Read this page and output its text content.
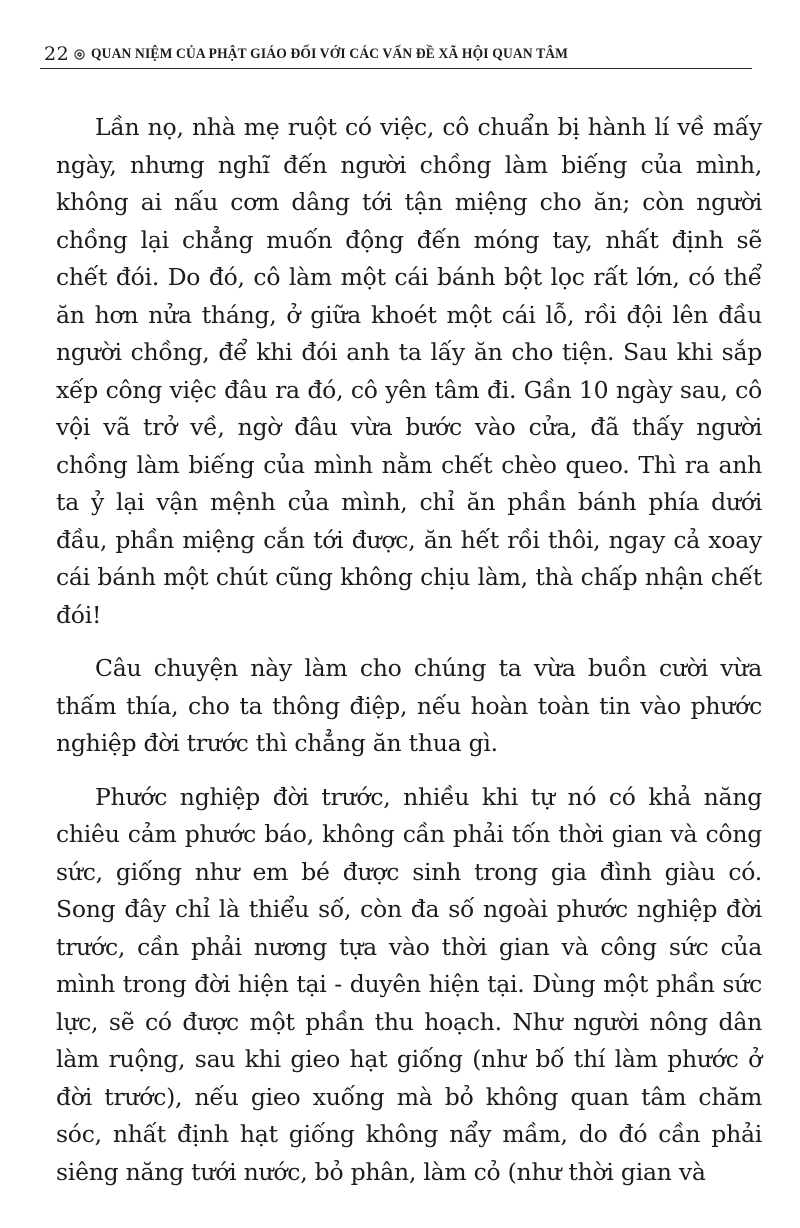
22 QUAN NIỆM CỦA PHẬT GIÁO ĐỐI VỚI CÁC VẤN ĐỀ XÃ HỘI QUAN TÂM

Lần nọ, nhà mẹ ruột có việc, cô chuẩn bị hành lí về mấy ngày, nhưng nghĩ đến người chồng làm biếng của mình, không ai nấu cơm dâng tới tận miệng cho ăn; còn người chồng lại chẳng muốn động đến móng tay, nhất định sẽ chết đói. Do đó, cô làm một cái bánh bột lọc rất lớn, có thể ăn hơn nửa tháng, ở giữa khoét một cái lỗ, rồi đội lên đầu người chồng, để khi đói anh ta lấy ăn cho tiện. Sau khi sắp xếp công việc đâu ra đó, cô yên tâm đi. Gần 10 ngày sau, cô vội vã trở về, ngờ đâu vừa bước vào cửa, đã thấy người chồng làm biếng của mình nằm chết chèo queo. Thì ra anh ta ỷ lại vận mệnh của mình, chỉ ăn phần bánh phía dưới đầu, phần miệng cắn tới được, ăn hết rồi thôi, ngay cả xoay cái bánh một chút cũng không chịu làm, thà chấp nhận chết đói!

Câu chuyện này làm cho chúng ta vừa buồn cười vừa thấm thía, cho ta thông điệp, nếu hoàn toàn tin vào phước nghiệp đời trước thì chẳng ăn thua gì.

Phước nghiệp đời trước, nhiều khi tự nó có khả năng chiêu cảm phước báo, không cần phải tốn thời gian và công sức, giống như em bé được sinh trong gia đình giàu có. Song đây chỉ là thiểu số, còn đa số ngoài phước nghiệp đời trước, cần phải nương tựa vào thời gian và công sức của mình trong đời hiện tại - duyên hiện tại. Dùng một phần sức lực, sẽ có được một phần thu hoạch. Như người nông dân làm ruộng, sau khi gieo hạt giống (như bố thí làm phước ở đời trước), nếu gieo xuống mà bỏ không quan tâm chăm sóc, nhất định hạt giống không nẩy mầm, do đó cần phải siêng năng tưới nước, bỏ phân, làm cỏ (như thời gian và
